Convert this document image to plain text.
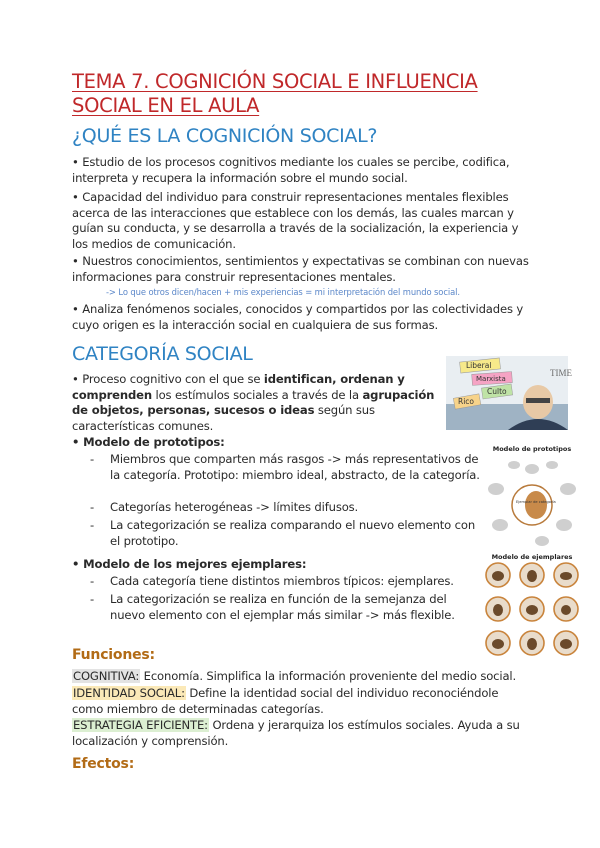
TEMA 7. COGNICIÓN SOCIAL E INFLUENCIA SOCIAL EN EL AULA
¿QUÉ ES LA COGNICIÓN SOCIAL?
• Estudio de los procesos cognitivos mediante los cuales se percibe, codifica, interpreta y recupera la información sobre el mundo social.
• Capacidad del individuo para construir representaciones mentales flexibles acerca de las interacciones que establece con los demás, las cuales marcan y guían su conducta, y se desarrolla a través de la socialización, la experiencia y los medios de comunicación.
• Nuestros conocimientos, sentimientos y expectativas se combinan con nuevas informaciones para construir representaciones mentales.
-> Lo que otros dicen/hacen + mis experiencias = mi interpretación del mundo social.
• Analiza fenómenos sociales, conocidos y compartidos por las colectividades y cuyo origen es la interacción social en cualquiera de sus formas.
CATEGORÍA SOCIAL
• Proceso cognitivo con el que se identifican, ordenan y comprenden los estímulos sociales a través de la agrupación de objetos, personas, sucesos o ideas según sus características comunes.
• Modelo de prototipos:
- Miembros que comparten más rasgos -> más representativos de la categoría. Prototipo: miembro ideal, abstracto, de la categoría.
- Categorías heterogéneas -> límites difusos.
- La categorización se realiza comparando el nuevo elemento con el prototipo.
• Modelo de los mejores ejemplares:
- Cada categoría tiene distintos miembros típicos: ejemplares.
- La categorización se realiza en función de la semejanza del nuevo elemento con el ejemplar más similar -> más flexible.
TIME
Liberal
Marxista
Culto
Rico
Modelo de prototipos
Ejemplar de categoría
Modelo de ejemplares
Funciones:
COGNITIVA: Economía. Simplifica la información proveniente del medio social.
IDENTIDAD SOCIAL: Define la identidad social del individuo reconociéndole como miembro de determinadas categorías.
ESTRATEGIA EFICIENTE: Ordena y jerarquiza los estímulos sociales. Ayuda a su localización y comprensión.
Efectos:
